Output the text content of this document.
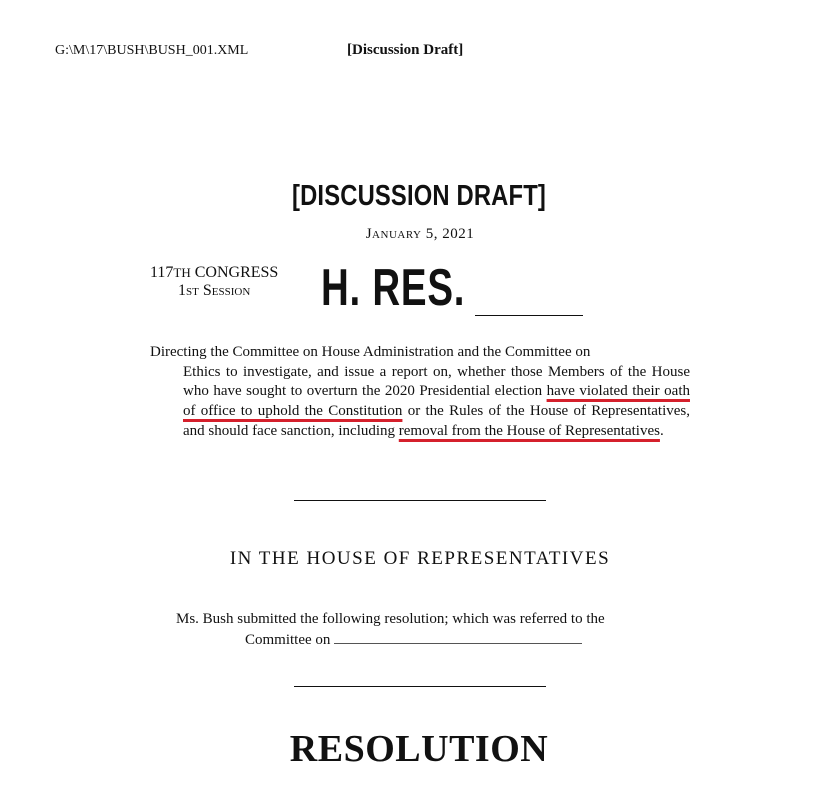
G:\M\17\BUSH\BUSH_001.XML	[Discussion Draft]
[DISCUSSION DRAFT]
January 5, 2021
117TH CONGRESS
1st Session	H. RES.
Directing the Committee on House Administration and the Committee on
Ethics to investigate, and issue a report on, whether those Members of the House who have sought to overturn the 2020 Presidential election have violated their oath of office to uphold the Constitution or the Rules of the House of Representatives, and should face sanction, including removal from the House of Representatives.
IN THE HOUSE OF REPRESENTATIVES
Ms. Bush submitted the following resolution; which was referred to the
Committee on
RESOLUTION
